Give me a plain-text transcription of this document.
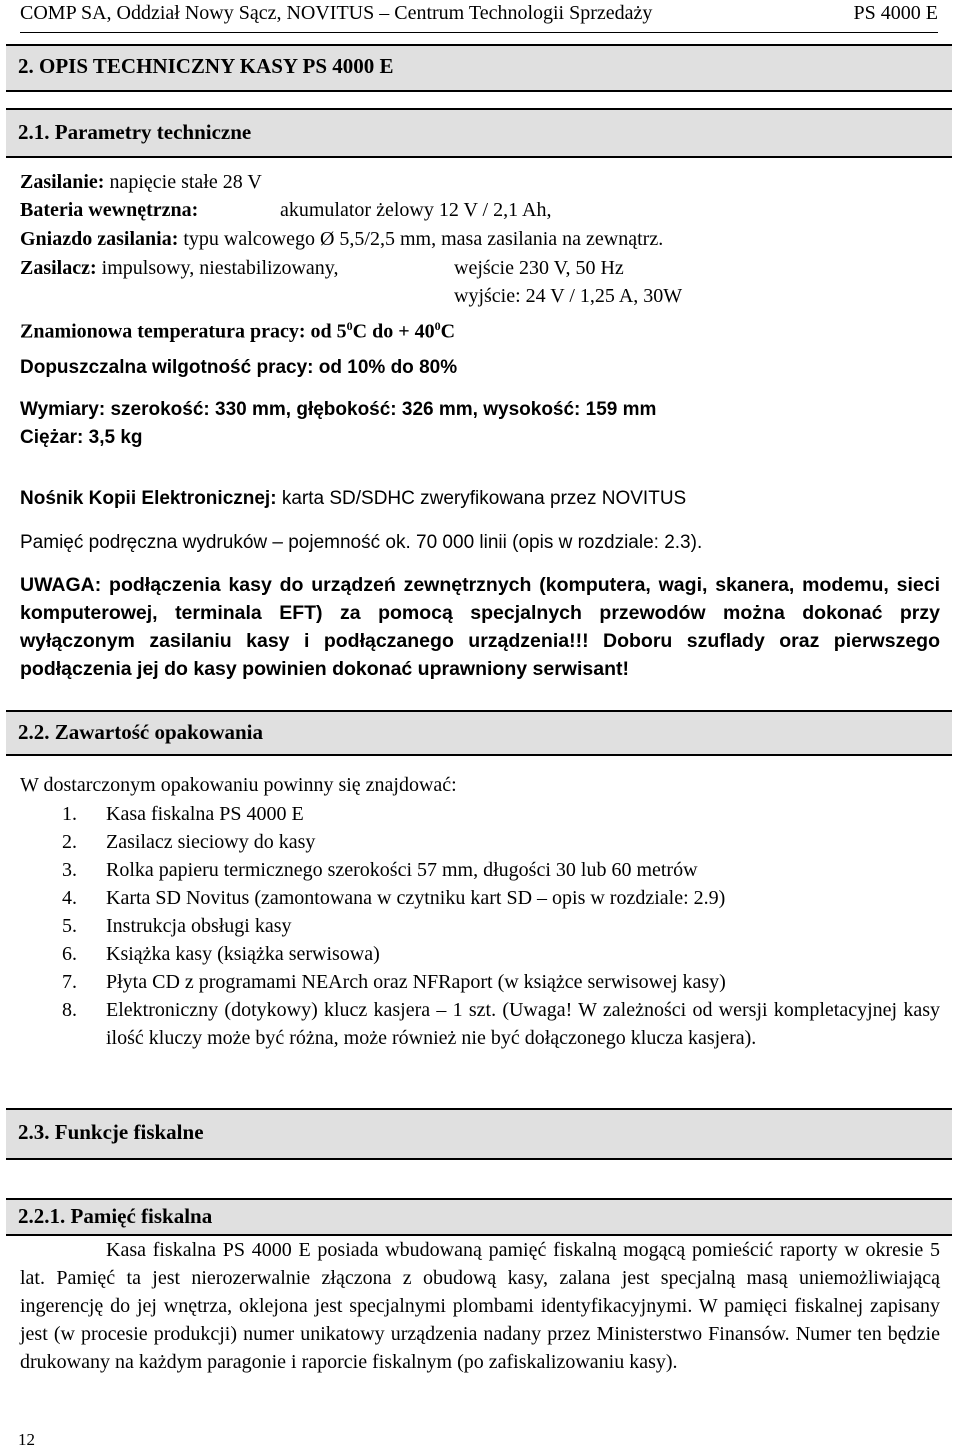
COMP SA, Oddział Nowy Sącz, NOVITUS – Centrum Technologii Sprzedaży	PS 4000 E
2. OPIS TECHNICZNY KASY PS 4000 E
2.1. Parametry techniczne
Zasilanie: napięcie stałe 28 V
Bateria wewnętrzna:	akumulator żelowy 12 V / 2,1 Ah,
Gniazdo zasilania: typu walcowego Ø 5,5/2,5 mm, masa zasilania na zewnątrz.
Zasilacz: impulsowy, niestabilizowany,	wejście 230 V, 50 Hz
wyjście: 24 V / 1,25 A, 30W
Znamionowa temperatura pracy: od $5^0C$ do + $40^0C$
Dopuszczalna wilgotność pracy: od 10% do 80%
Wymiary: szerokość: 330 mm, głębokość: 326 mm, wysokość: 159 mm
Ciężar: 3,5 kg
Nośnik Kopii Elektronicznej: karta SD/SDHC zweryfikowana przez NOVITUS
Pamięć podręczna wydruków – pojemność ok. 70 000 linii (opis w rozdziale: 2.3).
UWAGA: podłączenia kasy do urządzeń zewnętrznych (komputera, wagi, skanera, modemu, sieci komputerowej, terminala EFT) za pomocą specjalnych przewodów można dokonać przy wyłączonym zasilaniu kasy i podłączanego urządzenia!!! Doboru szuflady oraz pierwszego podłączenia jej do kasy powinien dokonać uprawniony serwisant!
2.2. Zawartość opakowania
W dostarczonym opakowaniu powinny się znajdować:
1. Kasa fiskalna PS 4000 E
2. Zasilacz sieciowy do kasy
3. Rolka papieru termicznego szerokości 57 mm, długości 30 lub 60 metrów
4. Karta SD Novitus (zamontowana w czytniku kart SD – opis w rozdziale: 2.9)
5. Instrukcja obsługi kasy
6. Książka kasy (książka serwisowa)
7. Płyta CD z programami NEArch oraz NFRaport (w książce serwisowej kasy)
8. Elektroniczny (dotykowy) klucz kasjera – 1 szt. (Uwaga! W zależności od wersji kompletacyjnej kasy ilość kluczy może być różna, może również nie być dołączonego klucza kasjera).
2.3. Funkcje fiskalne
2.2.1. Pamięć fiskalna
Kasa fiskalna PS 4000 E posiada wbudowaną pamięć fiskalną mogącą pomieścić raporty w okresie 5 lat. Pamięć ta jest nierozerwalnie złączona z obudową kasy, zalana jest specjalną masą uniemożliwiającą ingerencję do jej wnętrza, oklejona jest specjalnymi plombami identyfikacyjnymi. W pamięci fiskalnej zapisany jest (w procesie produkcji) numer unikatowy urządzenia nadany przez Ministerstwo Finansów. Numer ten będzie drukowany na każdym paragonie i raporcie fiskalnym (po zafiskalizowaniu kasy).
12
